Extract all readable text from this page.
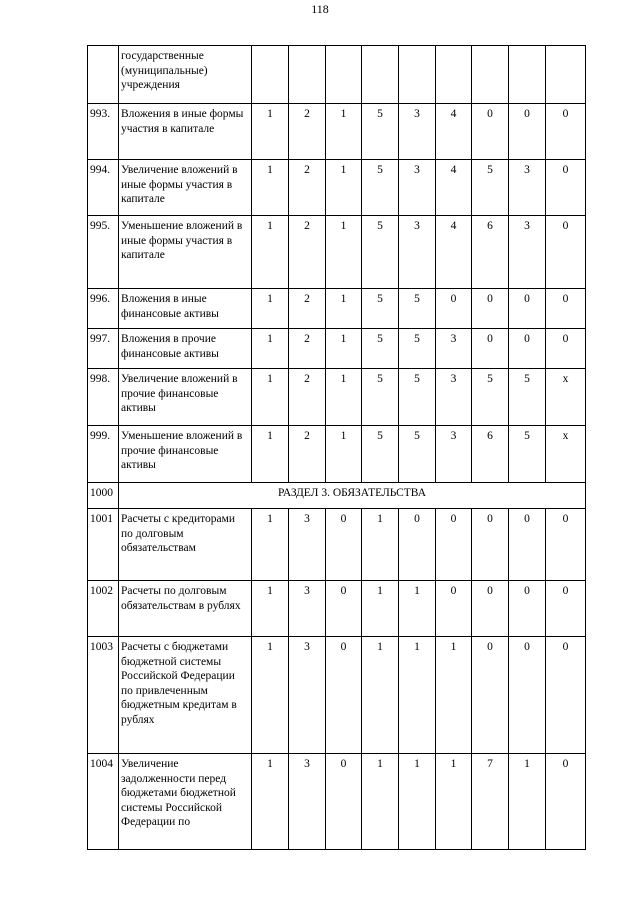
118
	государственные (муниципальные) учреждения									
993.	Вложения в иные формы участия в капитале	1	2	1	5	3	4	0	0	0
994.	Увеличение вложений в иные формы участия в капитале	1	2	1	5	3	4	5	3	0
995.	Уменьшение вложений в иные формы участия в капитале	1	2	1	5	3	4	6	3	0
996.	Вложения в иные финансовые активы	1	2	1	5	5	0	0	0	0
997.	Вложения в прочие финансовые активы	1	2	1	5	5	3	0	0	0
998.	Увеличение вложений в прочие финансовые активы	1	2	1	5	5	3	5	5	x
999.	Уменьшение вложений в прочие финансовые активы	1	2	1	5	5	3	6	5	x
1000	РАЗДЕЛ 3. ОБЯЗАТЕЛЬСТВА									
1001	Расчеты с кредиторами по долговым обязательствам	1	3	0	1	0	0	0	0	0
1002	Расчеты по долговым обязательствам в рублях	1	3	0	1	1	0	0	0	0
1003	Расчеты с бюджетами бюджетной системы Российской Федерации по привлеченным бюджетным кредитам в рублях	1	3	0	1	1	1	0	0	0
1004	Увеличение задолженности перед бюджетами бюджетной системы Российской Федерации по	1	3	0	1	1	1	7	1	0
